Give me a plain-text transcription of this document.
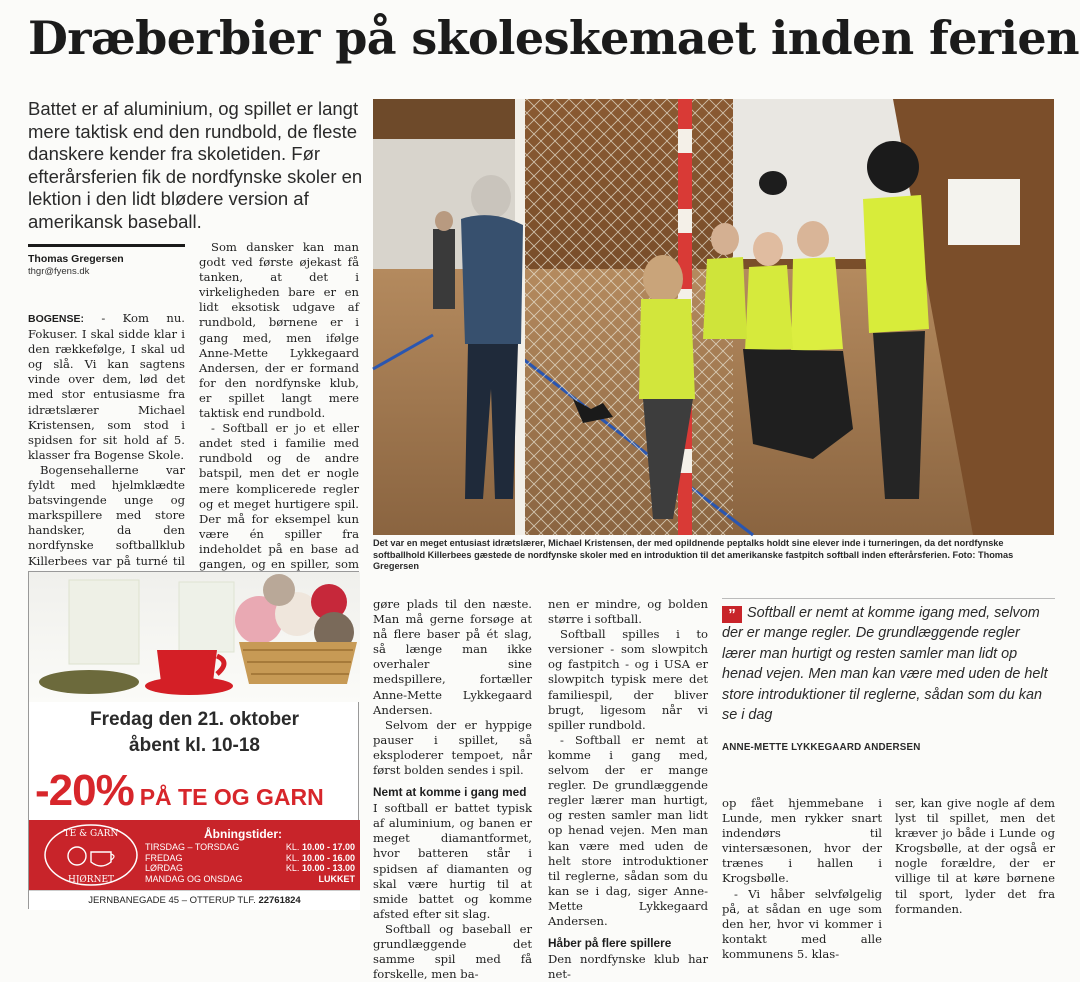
Dræberbier på skoleskemaet inden ferien

Battet er af aluminium, og spillet er langt mere taktisk end den rundbold, de fleste danskere kender fra skoletiden. Før efterårsferien fik de nordfynske skoler en lektion i den lidt blødere version af amerikansk baseball.

Thomas Gregersen
thgr@fyens.dk

BOGENSE: - Kom nu. Fokuser. I skal sidde klar i den rækkefølge, I skal ud og slå. Vi kan sagtens vinde over dem, lød det med stor entusiasme fra idrætslærer Michael Kristensen, som stod i spidsen for sit hold af 5. klasser fra Bogense Skole.

Bogensehallerne var fyldt med hjelmklædte batsvingende unge og markspillere med store handsker, da den nordfynske softballklub Killerbees var på turné til

Som dansker kan man godt ved første øjekast få tanken, at det i virkeligheden bare er en lidt eksotisk udgave af rundbold, børnene er i gang med, men ifølge Anne-Mette Lykkegaard Andersen, der er formand for den nordfynske klub, er spillet langt mere taktisk end rundbold.

- Softball er jo et eller andet sted i familie med rundbold og de andre batspil, men det er nogle mere komplicerede regler og et meget hurtigere spil. Der må for eksempel kun være én spiller fra indeholdet på en base ad gangen, og en spiller, som

Det var en meget entusiast idrætslærer, Michael Kristensen, der med opildnende peptalks holdt sine elever inde i turneringen, da det nordfynske softballhold Killerbees gæstede de nordfynske skoler med en introduktion til det amerikanske fastpitch softball inden efterårsferien. Foto: Thomas Gregersen
Fredag den 21. oktober
åbent kl. 10-18
-20% PÅ TE OG GARN
TE & GARN
HJØRNET
Åbningstider:
TIRSDAG – TORSDAG	KL. 10.00 - 17.00
FREDAG	KL. 10.00 - 16.00
LØRDAG	KL. 10.00 - 13.00
MANDAG OG ONSDAG	LUKKET
JERNBANEGADE 45 – OTTERUP TLF. 22761824

gøre plads til den næste. Man må gerne forsøge at nå flere baser på ét slag, så længe man ikke overhaler sine medspillere, fortæller Anne-Mette Lykkegaard Andersen.

Selvom der er hyppige pauser i spillet, så eksploderer tempoet, når først bolden sendes i spil.

Nemt at komme i gang med

I softball er battet typisk af aluminium, og banen er meget diamantformet, hvor batteren står i spidsen af diamanten og skal være hurtig til at smide battet og komme afsted efter sit slag.

Softball og baseball er grundlæggende det samme spil med få forskelle, men ba-

nen er mindre, og bolden større i softball.

Softball spilles i to versioner - som slowpitch og fastpitch - og i USA er slowpitch typisk mere det familiespil, der bliver brugt, ligesom når vi spiller rundbold.

- Softball er nemt at komme i gang med, selvom der er mange regler. De grundlæggende regler lærer man hurtigt, og resten samler man lidt op henad vejen. Men man kan være med uden de helt store introduktioner til reglerne, sådan som du kan se i dag, siger Anne-Mette Lykkegaard Andersen.

Håber på flere spillere

Den nordfynske klub har net-

” Softball er nemt at komme igang med, selvom der er mange regler. De grundlæggende regler lærer man hurtigt og resten samler man lidt op henad vejen. Men man kan være med uden de helt store introduktioner til reglerne, sådan som du kan se i dag
ANNE-METTE LYKKEGAARD ANDERSEN

op fået hjemmebane i Lunde, men rykker snart indendørs til vintersæsonen, hvor der trænes i hallen i Krogsbølle.

- Vi håber selvfølgelig på, at sådan en uge som den her, hvor vi kommer i kontakt med alle kommunens 5. klas-

ser, kan give nogle af dem lyst til spillet, men det kræver jo både i Lunde og Krogsbølle, at der også er nogle forældre, der er villige til at køre børnene til sport, lyder det fra formanden.
